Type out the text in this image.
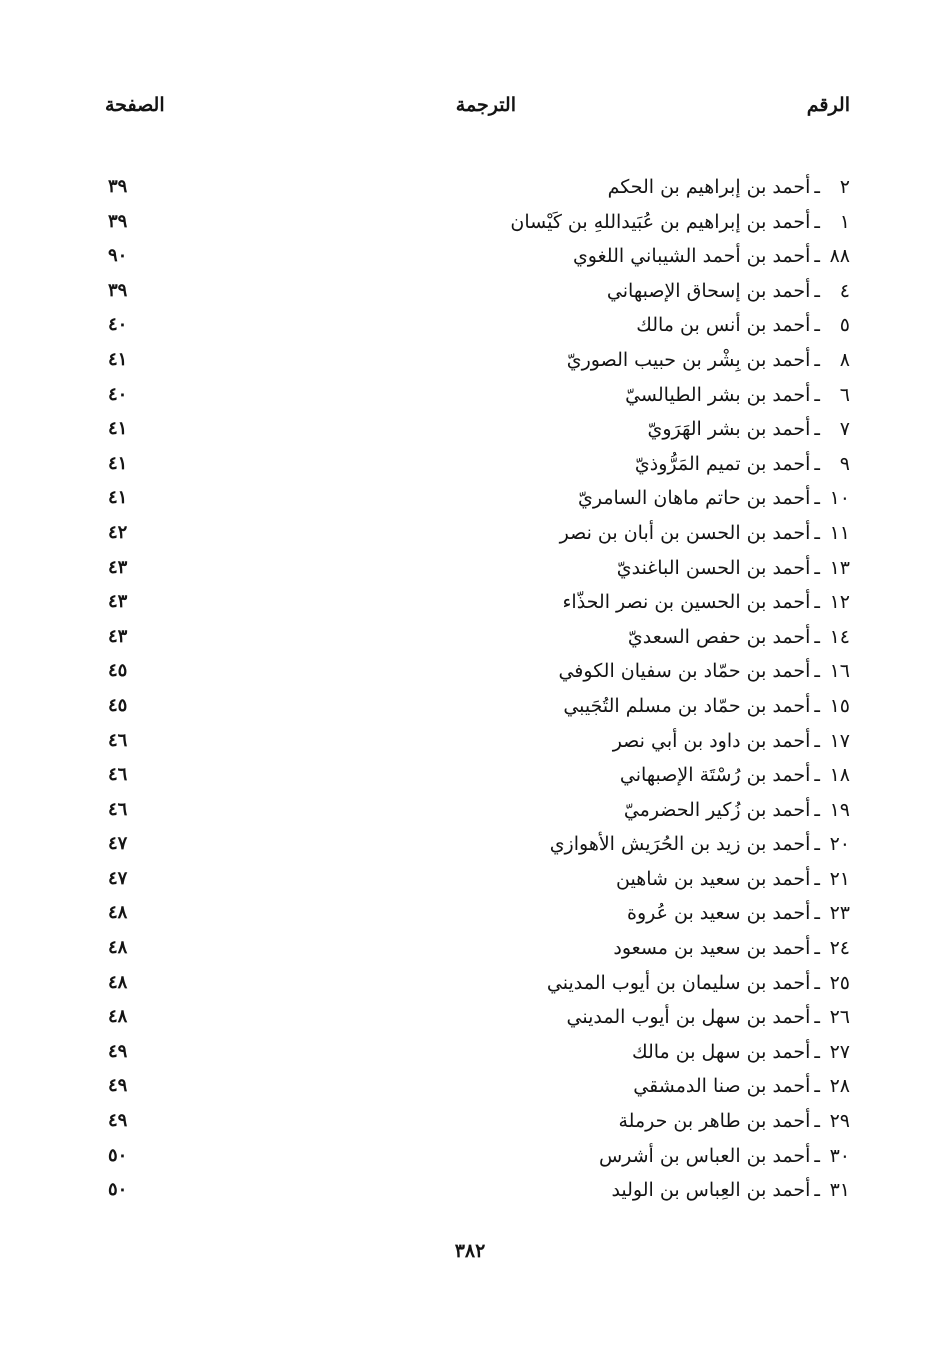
الرقم
الترجمة
الصفحة
٢ـأحمد بن إبراهيم بن الحكم
٣٩
١ـأحمد بن إبراهيم بن عُبَيداللهِ بن كَيْسان
٣٩
٨٨ـأحمد بن أحمد الشيباني اللغوي
٩٠
٤ـأحمد بن إسحاق الإصبهاني
٣٩
٥ـأحمد بن أنس بن مالك
٤٠
٨ـأحمد بن بِشْر بن حبيب الصوريّ
٤١
٦ـأحمد بن بشر الطيالسيّ
٤٠
٧ـأحمد بن بشر الهَرَويّ
٤١
٩ـأحمد بن تميم المَرُّوذيّ
٤١
١٠ـأحمد بن حاتم ماهان السامريّ
٤١
١١ـأحمد بن الحسن بن أبان بن نصر
٤٢
١٣ـأحمد بن الحسن الباغنديّ
٤٣
١٢ـأحمد بن الحسين بن نصر الحذّاء
٤٣
١٤ـأحمد بن حفص السعديّ
٤٣
١٦ـأحمد بن حمّاد بن سفيان الكوفي
٤٥
١٥ـأحمد بن حمّاد بن مسلم التُجَيبي
٤٥
١٧ـأحمد بن داود بن أبي نصر
٤٦
١٨ـأحمد بن رُسْتَة الإصبهاني
٤٦
١٩ـأحمد بن زُكير الحضرميّ
٤٦
٢٠ـأحمد بن زيد بن الحُرَيش الأهوازي
٤٧
٢١ـأحمد بن سعيد بن شاهين
٤٧
٢٣ـأحمد بن سعيد بن عُروة
٤٨
٢٤ـأحمد بن سعيد بن مسعود
٤٨
٢٥ـأحمد بن سليمان بن أيوب المديني
٤٨
٢٦ـأحمد بن سهل بن أيوب المديني
٤٨
٢٧ـأحمد بن سهل بن مالك
٤٩
٢٨ـأحمد بن صنا الدمشقي
٤٩
٢٩ـأحمد بن طاهر بن حرملة
٤٩
٣٠ـأحمد بن العباس بن أشرس
٥٠
٣١ـأحمد بن العِباس بن الوليد
٥٠
٣٨٢
